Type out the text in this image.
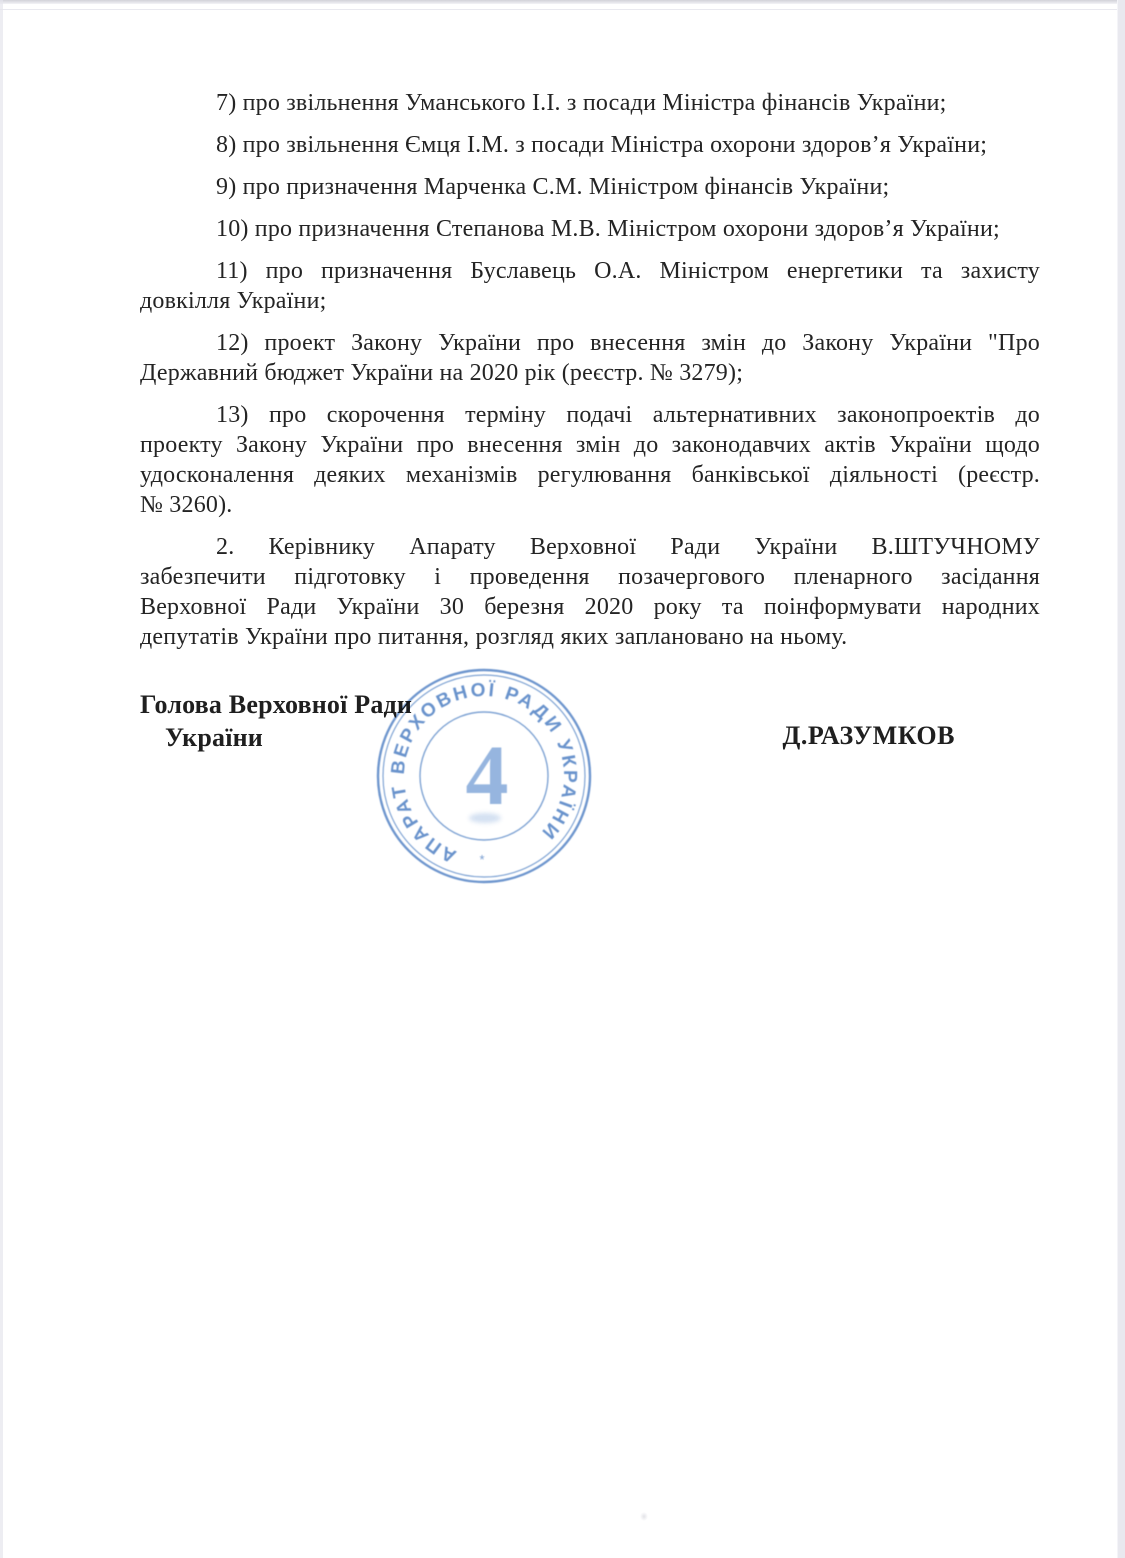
7) про звільнення Уманського І.І. з посади Міністра фінансів України;
8) про звільнення Ємця І.М. з посади Міністра охорони здоров’я України;
9) про призначення Марченка С.М. Міністром фінансів України;
10) про призначення Степанова М.В. Міністром охорони здоров’я України;
11) про призначення Буславець О.А. Міністром енергетики та захисту
довкілля України;
12) проект Закону України про внесення змін до Закону України "Про
Державний бюджет України на 2020 рік (реєстр. № 3279);
13) про скорочення терміну подачі альтернативних законопроектів до
проекту Закону України про внесення змін до законодавчих актів України щодо
удосконалення деяких механізмів регулювання банківської діяльності (реєстр.
№ 3260).
2. Керівнику Апарату Верховної Ради України В.ШТУЧНОМУ
забезпечити підготовку і проведення позачергового пленарного засідання
Верховної Ради України 30 березня 2020 року та поінформувати народних
депутатів України про питання, розгляд яких заплановано на ньому.
Голова Верховної Ради
України	Д.РАЗУМКОВ
АПАРАТ ВЕРХОВНОЇ РАДИ УКРАЇНИ
4
*
